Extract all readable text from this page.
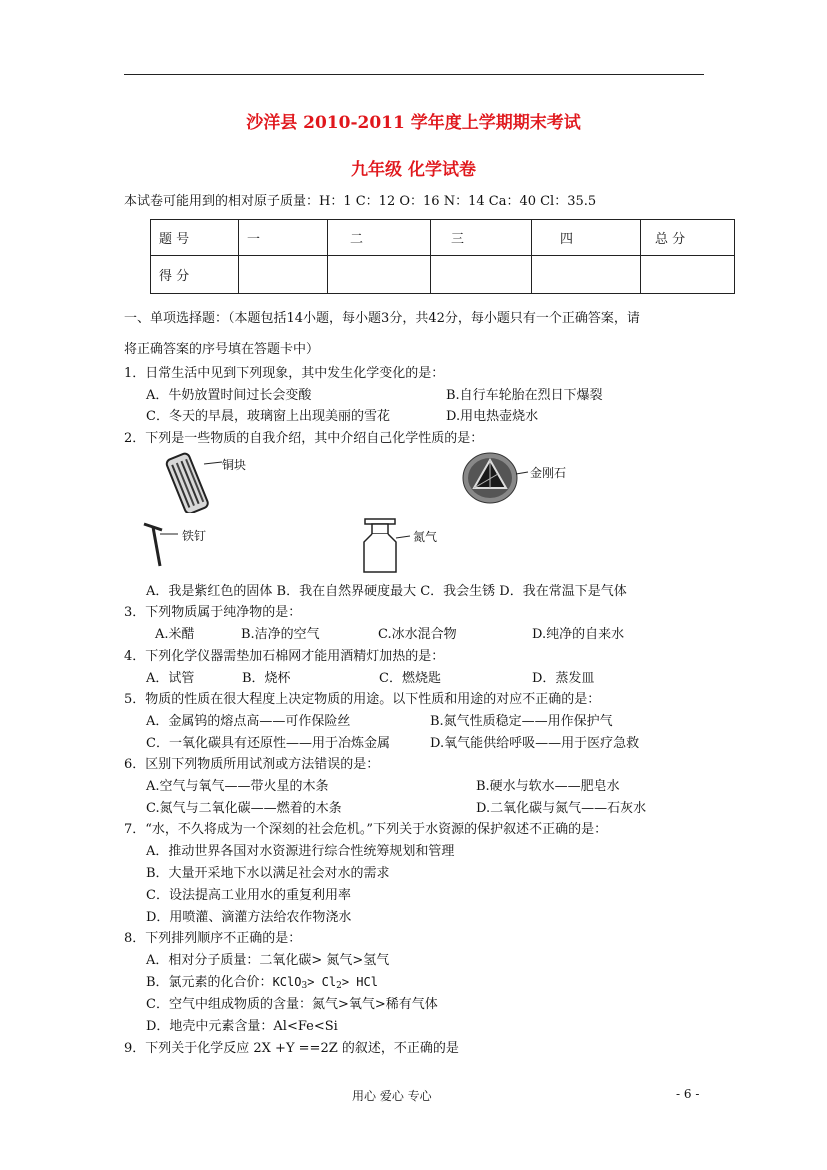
沙洋县 2010-2011 学年度上学期期末考试
九年级 化学试卷
本试卷可能用到的相对原子质量：H：1 C：12 O：16 N：14 Ca：40 Cl：35.5
题 号	一	二	三	四	总 分
得 分					
一、单项选择题：（本题包括14小题，每小题3分，共42分，每小题只有一个正确答案，请
将正确答案的序号填在答题卡中）
1．日常生活中见到下列现象，其中发生化学变化的是：
A．牛奶放置时间过长会变酸	B.自行车轮胎在烈日下爆裂
C．冬天的早晨，玻璃窗上出现美丽的雪花	D.用电热壶烧水
2．下列是一些物质的自我介绍，其中介绍自己化学性质的是：
铜块
金刚石
铁钉	氮气
A．我是紫红色的固体 B．我在自然界硬度最大 C．我会生锈 D．我在常温下是气体
3．下列物质属于纯净物的是：
A.米醋	B.洁净的空气	C.冰水混合物	D.纯净的自来水
4．下列化学仪器需垫加石棉网才能用酒精灯加热的是：
A．试管	B．烧杯	C．燃烧匙	D．蒸发皿
5．物质的性质在很大程度上决定物质的用途。以下性质和用途的对应不正确的是：
A．金属钨的熔点高——可作保险丝	B.氮气性质稳定——用作保护气
C．一氧化碳具有还原性——用于冶炼金属	D.氧气能供给呼吸——用于医疗急救
6．区别下列物质所用试剂或方法错误的是：
A.空气与氧气——带火星的木条	B.硬水与软水——肥皂水
C.氮气与二氧化碳——燃着的木条	D.二氧化碳与氮气——石灰水
7．“水，不久将成为一个深刻的社会危机。”下列关于水资源的保护叙述不正确的是：
A．推动世界各国对水资源进行综合性统筹规划和管理
B．大量开采地下水以满足社会对水的需求
C．设法提高工业用水的重复利用率
D．用喷灌、滴灌方法给农作物浇水
8．下列排列顺序不正确的是：
A．相对分子质量：二氧化碳> 氮气>氢气
B．氯元素的化合价：KClO$_3$> $Cl_2>$ HCl
C．空气中组成物质的含量：氮气>氧气>稀有气体
D．地壳中元素含量：Al<Fe<Si
9．下列关于化学反应 2X +Y ==2Z 的叙述，不正确的是
用心 爱心 专心	- 6 -
